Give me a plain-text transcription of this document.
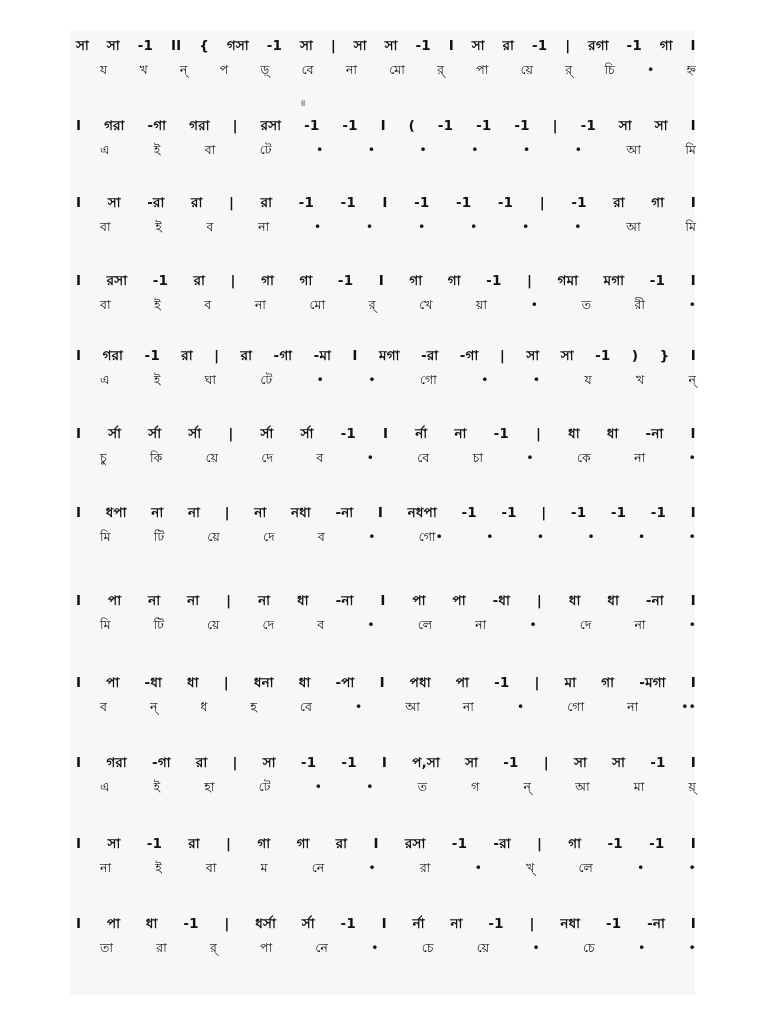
॥
সা সা -1 II { গসা -1 সা | সা সা -1 I সা রা -1 | রগা -1 গা I
য	খ	ন্	প	ড়্	বে	না	মো	র্	পা	য়ে	র্	চি	•	হ্ন
I গরা -গা গরা | রসা -1 -1 I ( -1 -1 -1 | -1 সা সা I
এ	ই	বা	টে	•	•	•	•	•	•	আ	মি
I সা -রা রা | রা -1 -1 I -1 -1 -1 | -1 রা গা I
বা	ই	ব	না	•	•	•	•	•	•	আ	মি
I রসা -1 রা | গা গা -1 I গা গা -1 | গমা মগা -1 I
বা	ই	ব	না	মো	র্	খে	য়া	•	ত	রী	•
I গরা -1 রা | রা -গা -মা I মগা -রা -গা | সা সা -1 ) } I
এ	ই	ঘা	টে	•	•	গো	•	•	য	খ	ন্
I র্সা র্সা র্সা | র্সা র্সা -1 I র্না না -1 | ধা ধা -না I
চু	কি	য়ে	দে	ব	•	বে	চা	•	কে	না	•
I ধপা না না | না নধা -না I নধপা -1 -1 | -1 -1 -1 I
মি	টি	য়ে	দে	ব	•	গো•	•	•	•	•	•
I পা না না | না ধা -না I পা পা -ধা | ধা ধা -না I
মি	টি	য়ে	দে	ব	•	লে	না	•	দে	না	•
I পা -ধা ধা | ধনা ধা -পা I পধা পা -1 | মা গা -মগা I
ব	ন্	ধ	হ	বে	•	আ	না	•	গো	না	••
I গরা -গা রা | সা -1 -1 I প,সা সা -1 | সা সা -1 I
এ	ই	হা	টে	•	•	ত	গ	ন্	আ	মা	য়্
I সা -1 রা | গা গা রা I রসা -1 -রা | গা -1 -1 I
না	ই	বা	ম	নে	•	রা	•	খ্	লে	•	•
I পা ধা -1 | ধর্সা র্সা -1 I র্না না -1 | নধা -1 -না I
তা	রা	র্	পা	নে	•	চে	য়ে	•	চে	•	•
